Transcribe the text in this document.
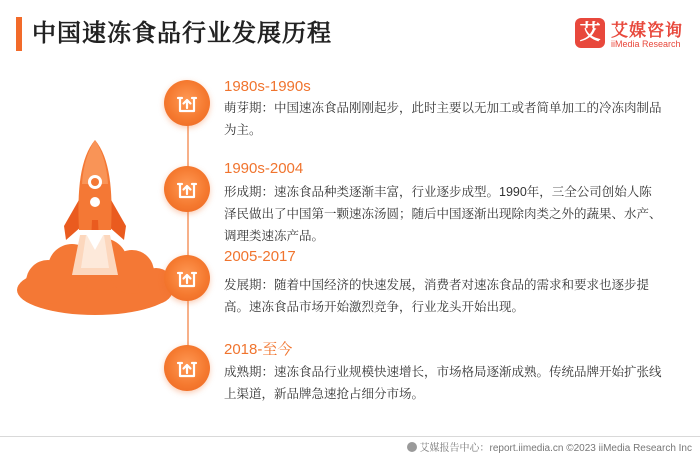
中国速冻食品行业发展历程	艾 艾媒咨询
iiMedia Research
1980s-1990s
萌芽期：中国速冻食品刚刚起步，此时主要以无加工或者简单加工的冷冻肉制品为主。
1990s-2004
形成期：速冻食品种类逐渐丰富，行业逐步成型。1990年，三全公司创始人陈泽民做出了中国第一颗速冻汤圆；随后中国逐渐出现除肉类之外的蔬果、水产、调理类速冻产品。
2005-2017
发展期：随着中国经济的快速发展，消费者对速冻食品的需求和要求也逐步提高。速冻食品市场开始激烈竞争，行业龙头开始出现。
2018-至今
成熟期：速冻食品行业规模快速增长，市场格局逐渐成熟。传统品牌开始扩张线上渠道，新品牌急速抢占细分市场。
艾媒报告中心：report.iimedia.cn ©2023 iiMedia Research Inc
